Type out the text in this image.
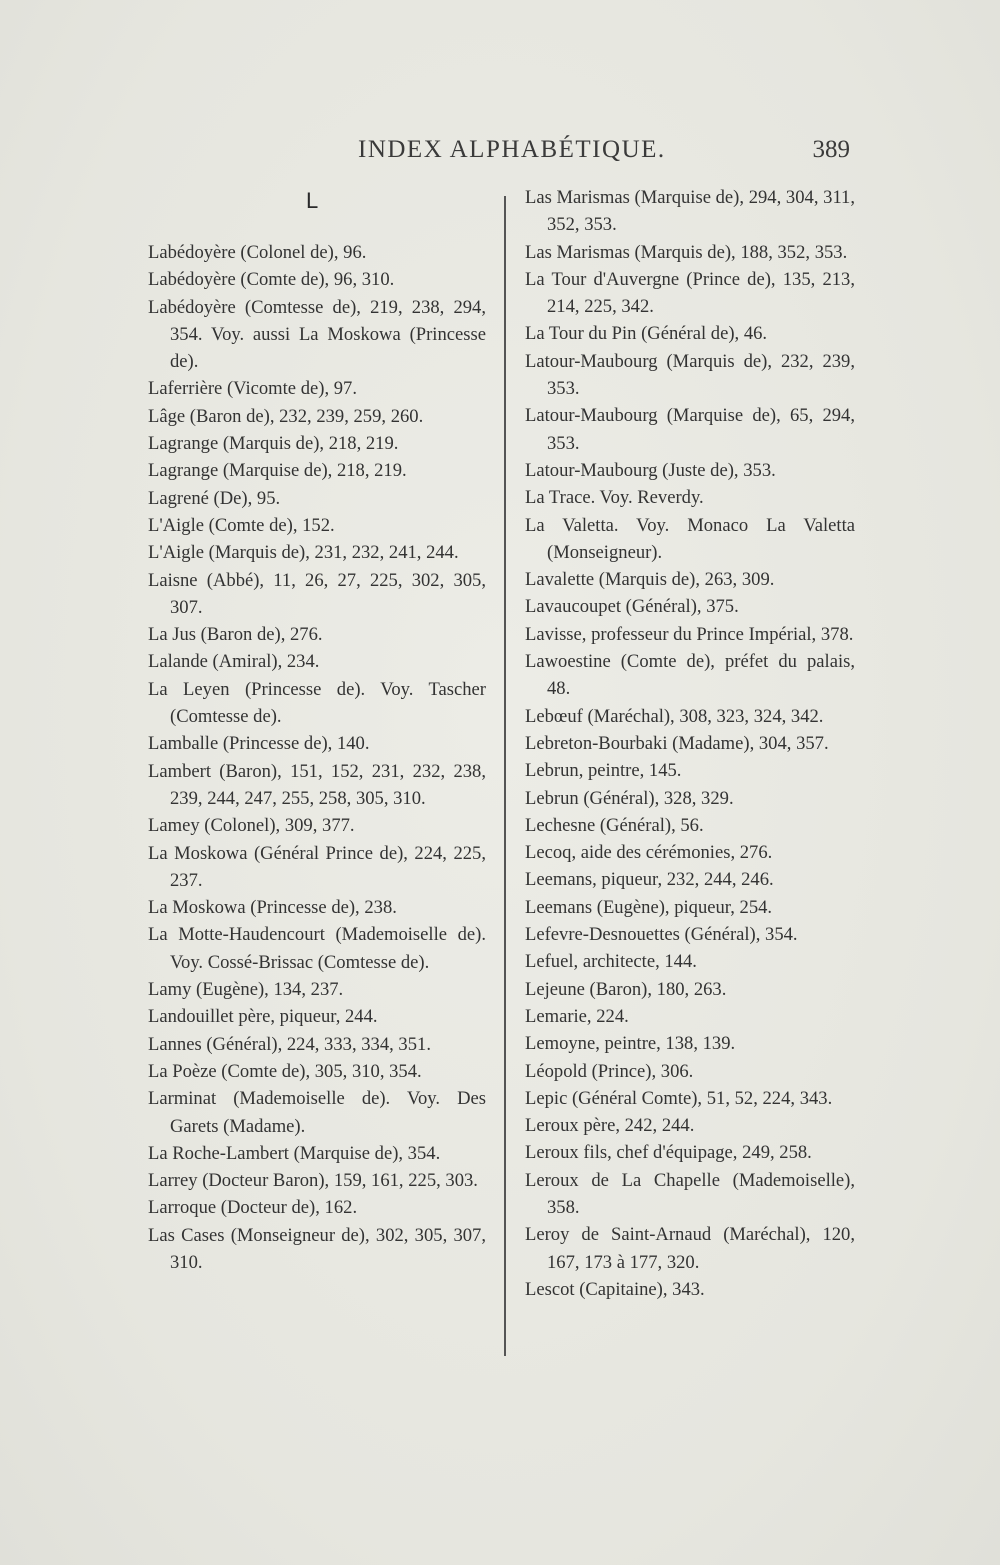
INDEX ALPHABÉTIQUE.	389
L

Labédoyère (Colonel de), 96.

Labédoyère (Comte de), 96, 310.

Labédoyère (Comtesse de), 219, 238, 294, 354. Voy. aussi La Moskowa (Princesse de).

Laferrière (Vicomte de), 97.

Lâge (Baron de), 232, 239, 259, 260.

Lagrange (Marquis de), 218, 219.

Lagrange (Marquise de), 218, 219.

Lagrené (De), 95.

L'Aigle (Comte de), 152.

L'Aigle (Marquis de), 231, 232, 241, 244.

Laisne (Abbé), 11, 26, 27, 225, 302, 305, 307.

La Jus (Baron de), 276.

Lalande (Amiral), 234.

La Leyen (Princesse de). Voy. Tascher (Comtesse de).

Lamballe (Princesse de), 140.

Lambert (Baron), 151, 152, 231, 232, 238, 239, 244, 247, 255, 258, 305, 310.

Lamey (Colonel), 309, 377.

La Moskowa (Général Prince de), 224, 225, 237.

La Moskowa (Princesse de), 238.

La Motte-Haudencourt (Mademoiselle de). Voy. Cossé-Brissac (Comtesse de).

Lamy (Eugène), 134, 237.

Landouillet père, piqueur, 244.

Lannes (Général), 224, 333, 334, 351.

La Poèze (Comte de), 305, 310, 354.

Larminat (Mademoiselle de). Voy. Des Garets (Madame).

La Roche-Lambert (Marquise de), 354.

Larrey (Docteur Baron), 159, 161, 225, 303.

Larroque (Docteur de), 162.

Las Cases (Monseigneur de), 302, 305, 307, 310.

Las Marismas (Marquise de), 294, 304, 311, 352, 353.

Las Marismas (Marquis de), 188, 352, 353.

La Tour d'Auvergne (Prince de), 135, 213, 214, 225, 342.

La Tour du Pin (Général de), 46.

Latour-Maubourg (Marquis de), 232, 239, 353.

Latour-Maubourg (Marquise de), 65, 294, 353.

Latour-Maubourg (Juste de), 353.

La Trace. Voy. Reverdy.

La Valetta. Voy. Monaco La Valetta (Monseigneur).

Lavalette (Marquis de), 263, 309.

Lavaucoupet (Général), 375.

Lavisse, professeur du Prince Impérial, 378.

Lawoestine (Comte de), préfet du palais, 48.

Lebœuf (Maréchal), 308, 323, 324, 342.

Lebreton-Bourbaki (Madame), 304, 357.

Lebrun, peintre, 145.

Lebrun (Général), 328, 329.

Lechesne (Général), 56.

Lecoq, aide des cérémonies, 276.

Leemans, piqueur, 232, 244, 246.

Leemans (Eugène), piqueur, 254.

Lefevre-Desnouettes (Général), 354.

Lefuel, architecte, 144.

Lejeune (Baron), 180, 263.

Lemarie, 224.

Lemoyne, peintre, 138, 139.

Léopold (Prince), 306.

Lepic (Général Comte), 51, 52, 224, 343.

Leroux père, 242, 244.

Leroux fils, chef d'équipage, 249, 258.

Leroux de La Chapelle (Mademoiselle), 358.

Leroy de Saint-Arnaud (Maréchal), 120, 167, 173 à 177, 320.

Lescot (Capitaine), 343.
